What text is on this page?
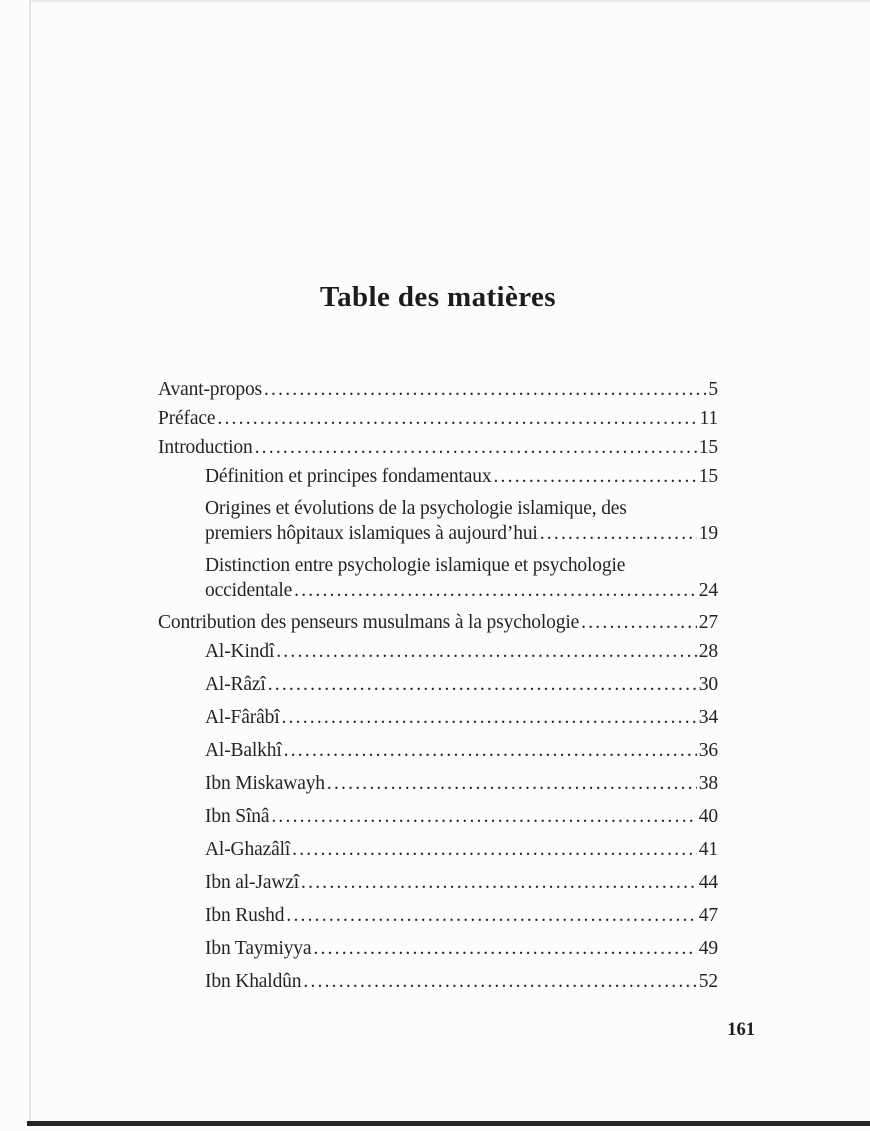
Table des matières
Avant-propos .....	5
Préface .....	11
Introduction .....	15
Définition et principes fondamentaux .....	15
Origines et évolutions de la psychologie islamique, des
premiers hôpitaux islamiques à aujourd’hui .....	19
Distinction entre psychologie islamique et psychologie
occidentale .....	24
Contribution des penseurs musulmans à la psychologie .....	27
Al-Kindî .....	28
Al-Râzî .....	30
Al-Fârâbî .....	34
Al-Balkhî .....	36
Ibn Miskawayh .....	38
Ibn Sînâ .....	40
Al-Ghazâlî .....	41
Ibn al-Jawzî .....	44
Ibn Rushd .....	47
Ibn Taymiyya .....	49
Ibn Khaldûn .....	52
161
